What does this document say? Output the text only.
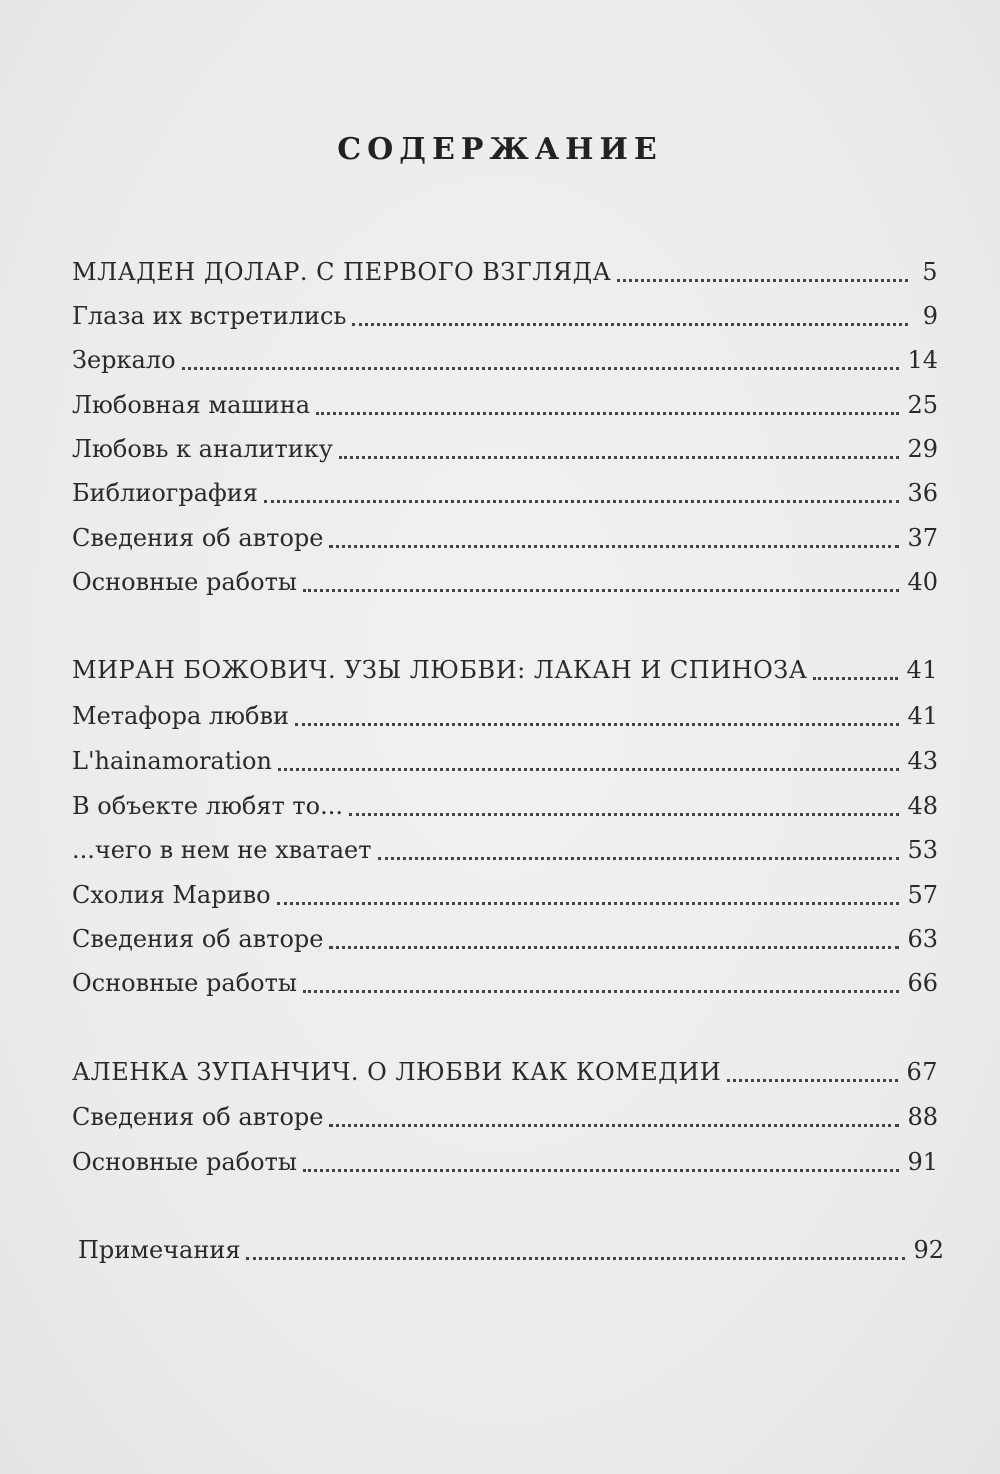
СОДЕРЖАНИЕ
МЛАДЕН ДОЛАР. С ПЕРВОГО ВЗГЛЯДА	5
Глаза их встретились	9
Зеркало	14
Любовная машина	25
Любовь к аналитику	29
Библиография	36
Сведения об авторе	37
Основные работы	40
МИРАН БОЖОВИЧ. УЗЫ ЛЮБВИ: ЛАКАН И СПИНОЗА	41
Метафора любви	41
L'hainamoration	43
В объекте любят то...	48
...чего в нем не хватает	53
Схолия Мариво	57
Сведения об авторе	63
Основные работы	66
АЛЕНКА ЗУПАНЧИЧ. О ЛЮБВИ КАК КОМЕДИИ	67
Сведения об авторе	88
Основные работы	91
Примечания	92
